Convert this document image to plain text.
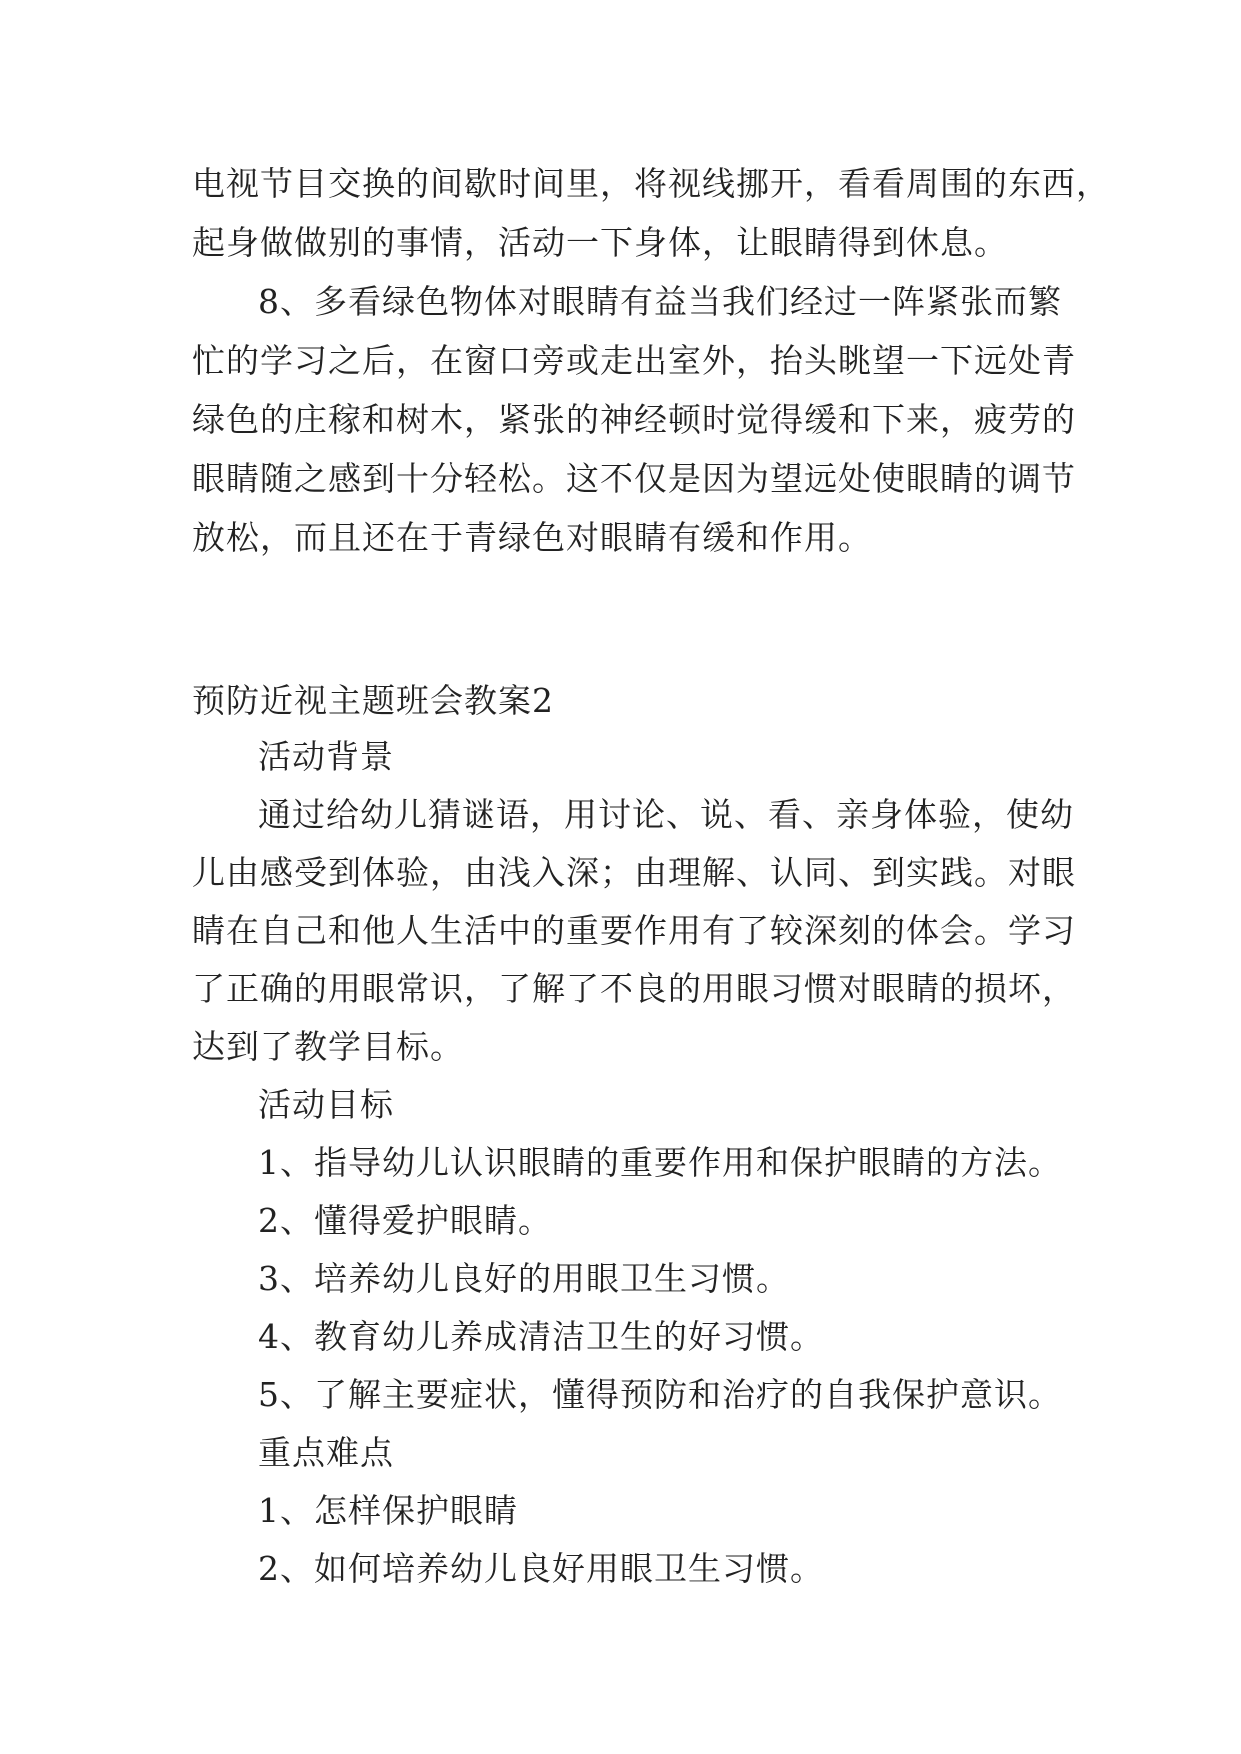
电视节目交换的间歇时间里，将视线挪开，看看周围的东西，
起身做做别的事情，活动一下身体，让眼睛得到休息。
8、多看绿色物体对眼睛有益当我们经过一阵紧张而繁
忙的学习之后，在窗口旁或走出室外，抬头眺望一下远处青
绿色的庄稼和树木，紧张的神经顿时觉得缓和下来，疲劳的
眼睛随之感到十分轻松。这不仅是因为望远处使眼睛的调节
放松，而且还在于青绿色对眼睛有缓和作用。
预防近视主题班会教案2
活动背景
通过给幼儿猜谜语，用讨论、说、看、亲身体验，使幼
儿由感受到体验，由浅入深；由理解、认同、到实践。对眼
睛在自己和他人生活中的重要作用有了较深刻的体会。学习
了正确的用眼常识，了解了不良的用眼习惯对眼睛的损坏，
达到了教学目标。
活动目标
1、指导幼儿认识眼睛的重要作用和保护眼睛的方法。
2、懂得爱护眼睛。
3、培养幼儿良好的用眼卫生习惯。
4、教育幼儿养成清洁卫生的好习惯。
5、了解主要症状，懂得预防和治疗的自我保护意识。
重点难点
1、怎样保护眼睛
2、如何培养幼儿良好用眼卫生习惯。
